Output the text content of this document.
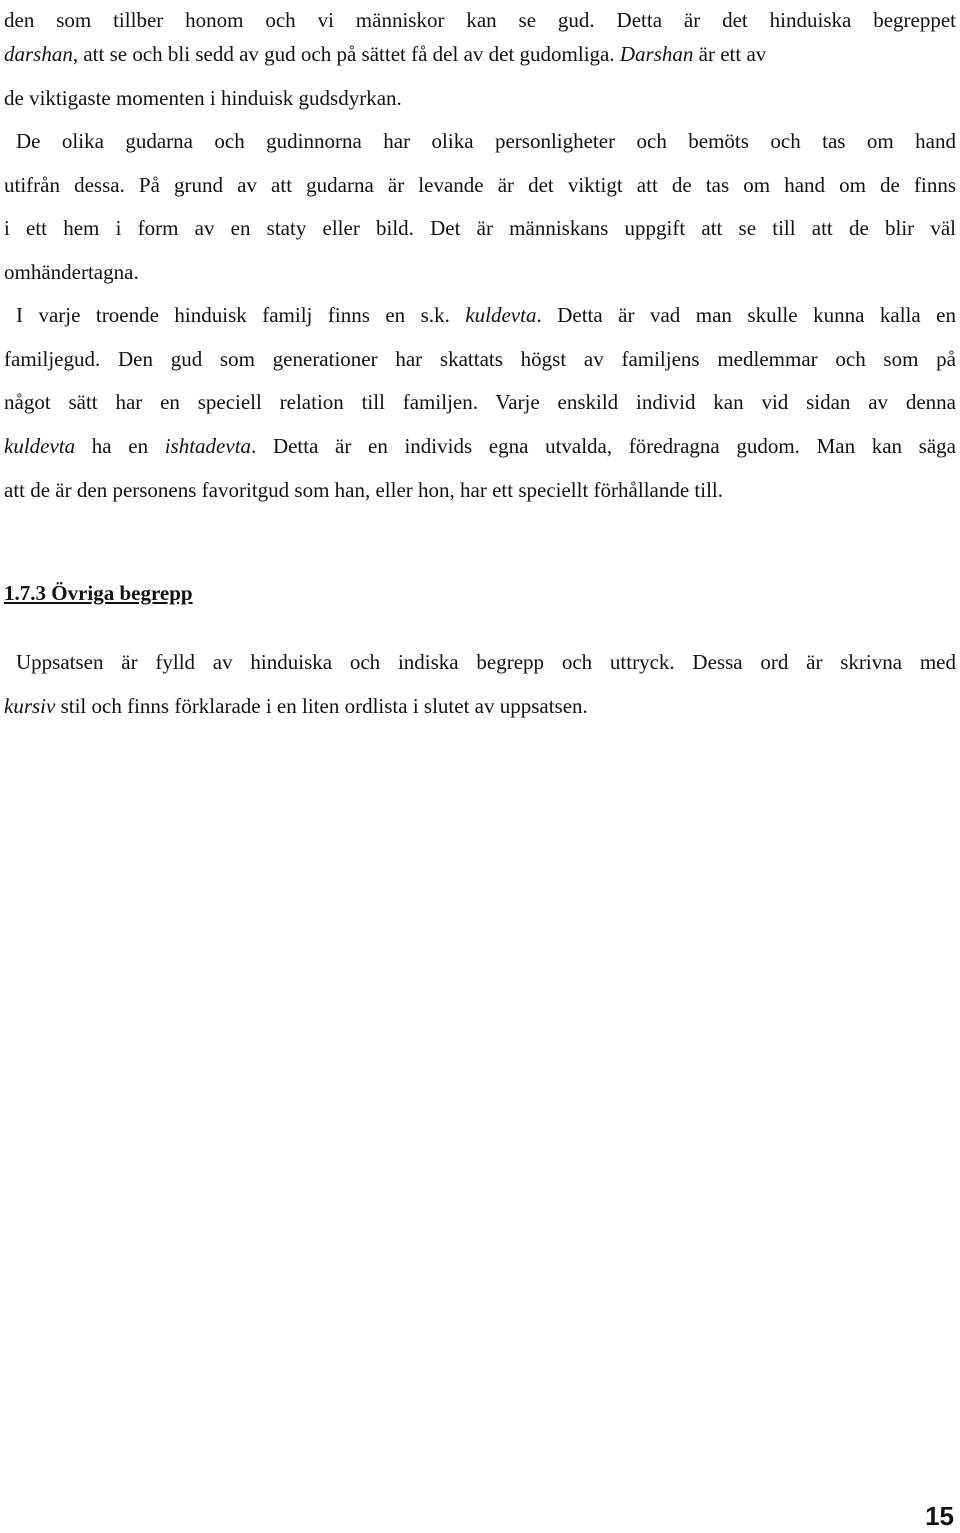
den som tillber honom och vi människor kan se gud. Detta är det hinduiska begreppet
darshan, att se och bli sedd av gud och på sättet få del av det gudomliga. Darshan är ett av
de viktigaste momenten i hinduisk gudsdyrkan.
De olika gudarna och gudinnorna har olika personligheter och bemöts och tas om hand
utifrån dessa. På grund av att gudarna är levande är det viktigt att de tas om hand om de finns
i ett hem i form av en staty eller bild. Det är människans uppgift att se till att de blir väl
omhändertagna.
I varje troende hinduisk familj finns en s.k. kuldevta. Detta är vad man skulle kunna kalla en
familjegud. Den gud som generationer har skattats högst av familjens medlemmar och som på
något sätt har en speciell relation till familjen. Varje enskild individ kan vid sidan av denna
kuldevta ha en ishtadevta. Detta är en individs egna utvalda, föredragna gudom. Man kan säga
att de är den personens favoritgud som han, eller hon, har ett speciellt förhållande till.
1.7.3 Övriga begrepp
Uppsatsen är fylld av hinduiska och indiska begrepp och uttryck. Dessa ord är skrivna med
kursiv stil och finns förklarade i en liten ordlista i slutet av uppsatsen.
15
